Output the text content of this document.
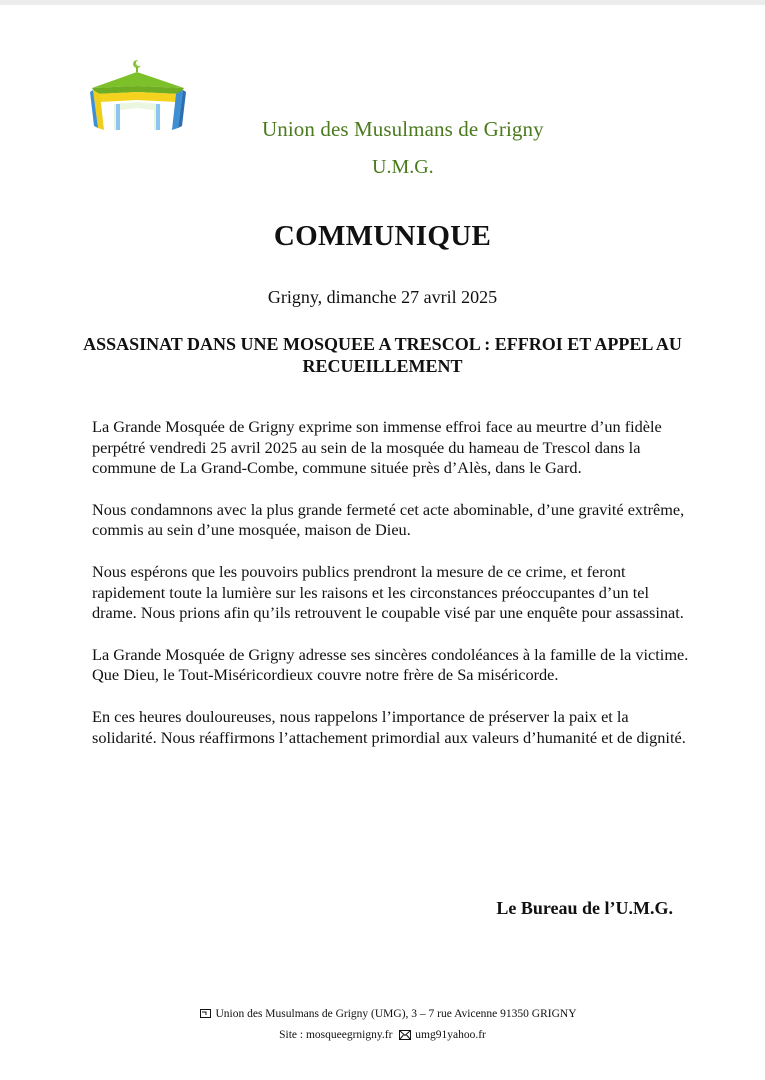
Union des Musulmans de Grigny
U.M.G.
COMMUNIQUE
Grigny, dimanche 27 avril 2025
ASSASINAT DANS UNE MOSQUEE A TRESCOL : EFFROI ET APPEL AU RECUEILLEMENT

La Grande Mosquée de Grigny exprime son immense effroi face au meurtre d’un fidèle perpétré vendredi 25 avril 2025 au sein de la mosquée du hameau de Trescol dans la commune de La Grand-Combe, commune située près d’Alès, dans le Gard.

Nous condamnons avec la plus grande fermeté cet acte abominable, d’une gravité extrême, commis au sein d’une mosquée, maison de Dieu.

Nous espérons que les pouvoirs publics prendront la mesure de ce crime, et feront rapidement toute la lumière sur les raisons et les circonstances préoccupantes d’un tel drame. Nous prions afin qu’ils retrouvent le coupable visé par une enquête pour assassinat.

La Grande Mosquée de Grigny adresse ses sincères condoléances à la famille de la victime. Que Dieu, le Tout-Miséricordieux couvre notre frère de Sa miséricorde.

En ces heures douloureuses, nous rappelons l’importance de préserver la paix et la solidarité. Nous réaffirmons l’attachement primordial aux valeurs d’humanité et de dignité.

Le Bureau de l’U.M.G.
Union des Musulmans de Grigny (UMG), 3 – 7 rue Avicenne 91350 GRIGNY
Site : mosqueegrnigny.fr umg91yahoo.fr
